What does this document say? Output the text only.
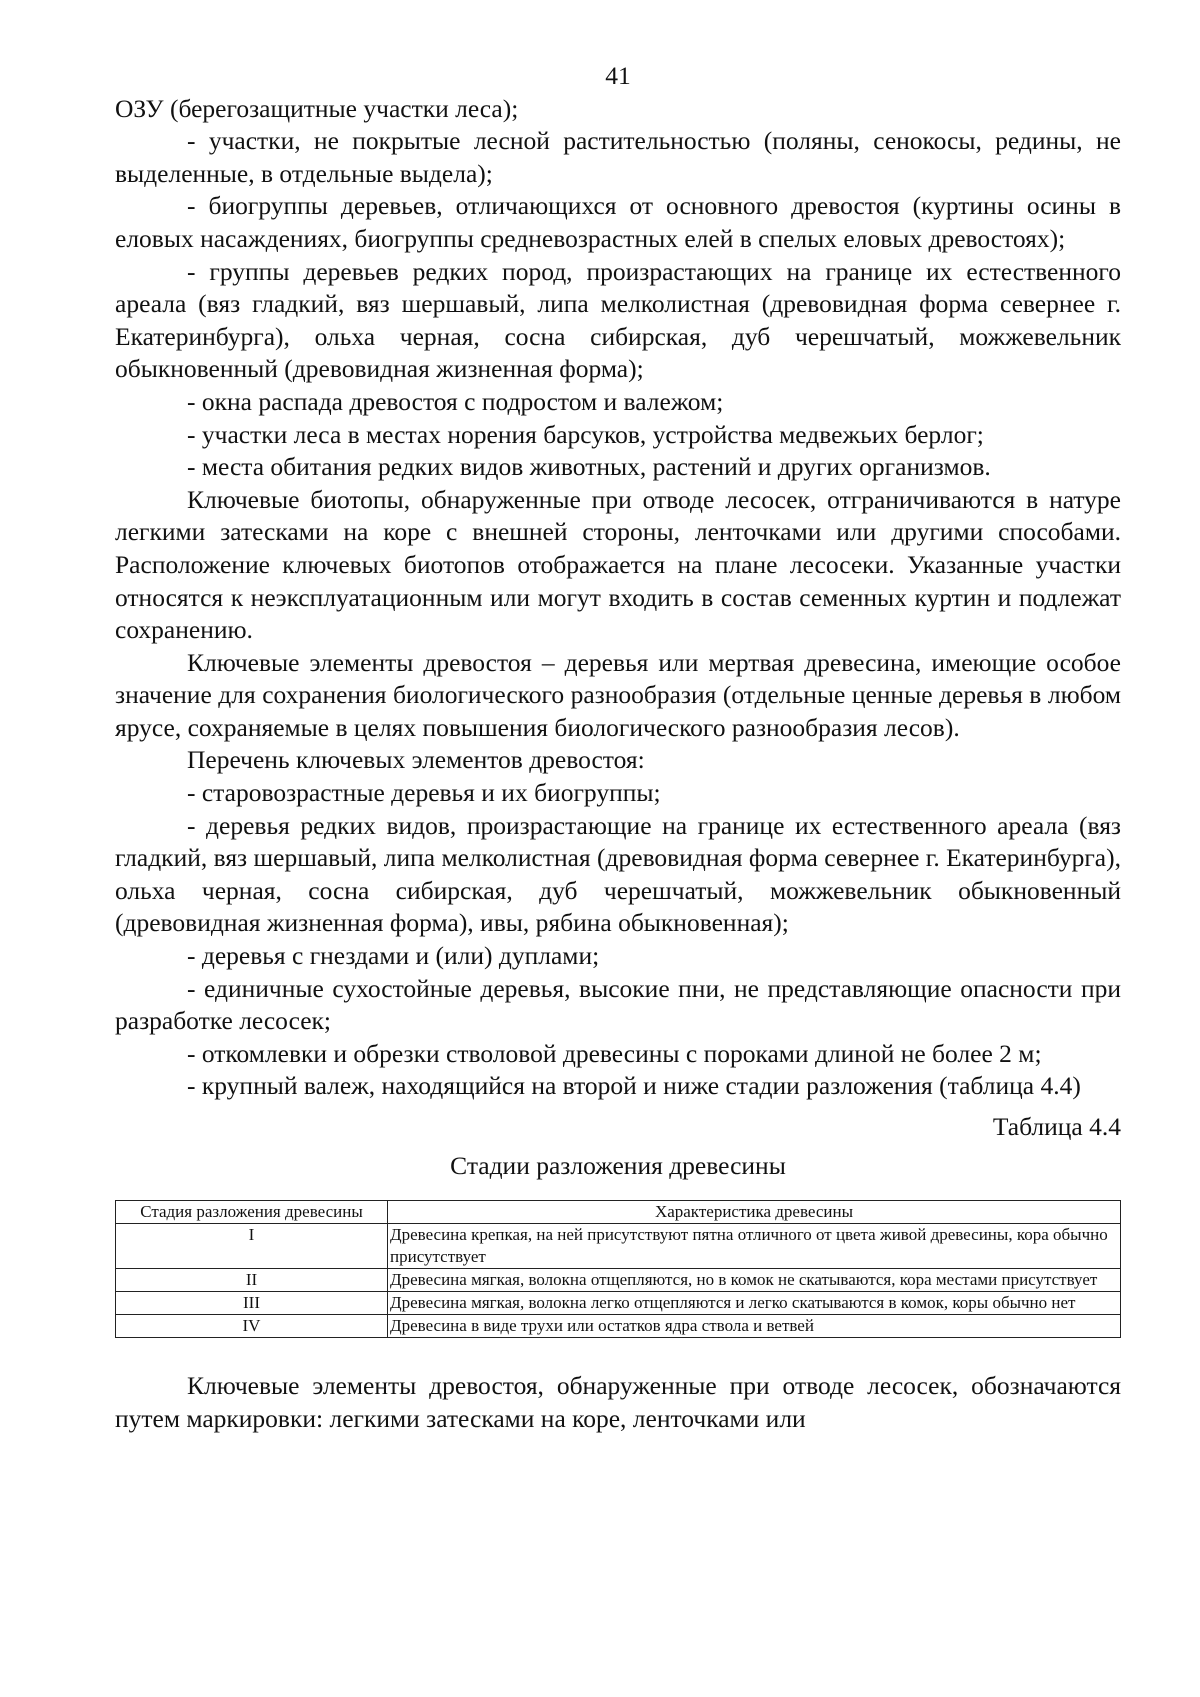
41

ОЗУ (берегозащитные участки леса);

- участки, не покрытые лесной растительностью (поляны, сенокосы, редины, не выделенные, в отдельные выдела);

- биогруппы деревьев, отличающихся от основного древостоя (куртины осины в еловых насаждениях, биогруппы средневозрастных елей в спелых еловых древостоях);

- группы деревьев редких пород, произрастающих на границе их естественного ареала (вяз гладкий, вяз шершавый, липа мелколистная (древовидная форма севернее г. Екатеринбурга), ольха черная, сосна сибирская, дуб черешчатый, можжевельник обыкновенный (древовидная жизненная форма);

- окна распада древостоя с подростом и валежом;

- участки леса в местах норения барсуков, устройства медвежьих берлог;

- места обитания редких видов животных, растений и других организмов.

Ключевые биотопы, обнаруженные при отводе лесосек, отграничиваются в натуре легкими затесками на коре с внешней стороны, ленточками или другими способами. Расположение ключевых биотопов отображается на плане лесосеки. Указанные участки относятся к неэксплуатационным или могут входить в состав семенных куртин и подлежат сохранению.

Ключевые элементы древостоя – деревья или мертвая древесина, имеющие особое значение для сохранения биологического разнообразия (отдельные ценные деревья в любом ярусе, сохраняемые в целях повышения биологического разнообразия лесов).

Перечень ключевых элементов древостоя:

- старовозрастные деревья и их биогруппы;

- деревья редких видов, произрастающие на границе их естественного ареала (вяз гладкий, вяз шершавый, липа мелколистная (древовидная форма севернее г. Екатеринбурга), ольха черная, сосна сибирская, дуб черешчатый, можжевельник обыкновенный (древовидная жизненная форма), ивы, рябина обыкновенная);

- деревья с гнездами и (или) дуплами;

- единичные сухостойные деревья, высокие пни, не представляющие опасности при разработке лесосек;

- откомлевки и обрезки стволовой древесины с пороками длиной не более 2 м;

- крупный валеж, находящийся на второй и ниже стадии разложения (таблица 4.4)

Таблица 4.4
Стадии разложения древесины
Стадия разложения древесины	Характеристика древесины
I	Древесина крепкая, на ней присутствуют пятна отличного от цвета живой древесины, кора обычно присутствует
II	Древесина мягкая, волокна отщепляются, но в комок не скатываются, кора местами присутствует
III	Древесина мягкая, волокна легко отщепляются и легко скатываются в комок, коры обычно нет
IV	Древесина в виде трухи или остатков ядра ствола и ветвей

Ключевые элементы древостоя, обнаруженные при отводе лесосек, обозначаются путем маркировки: легкими затесками на коре, ленточками или
